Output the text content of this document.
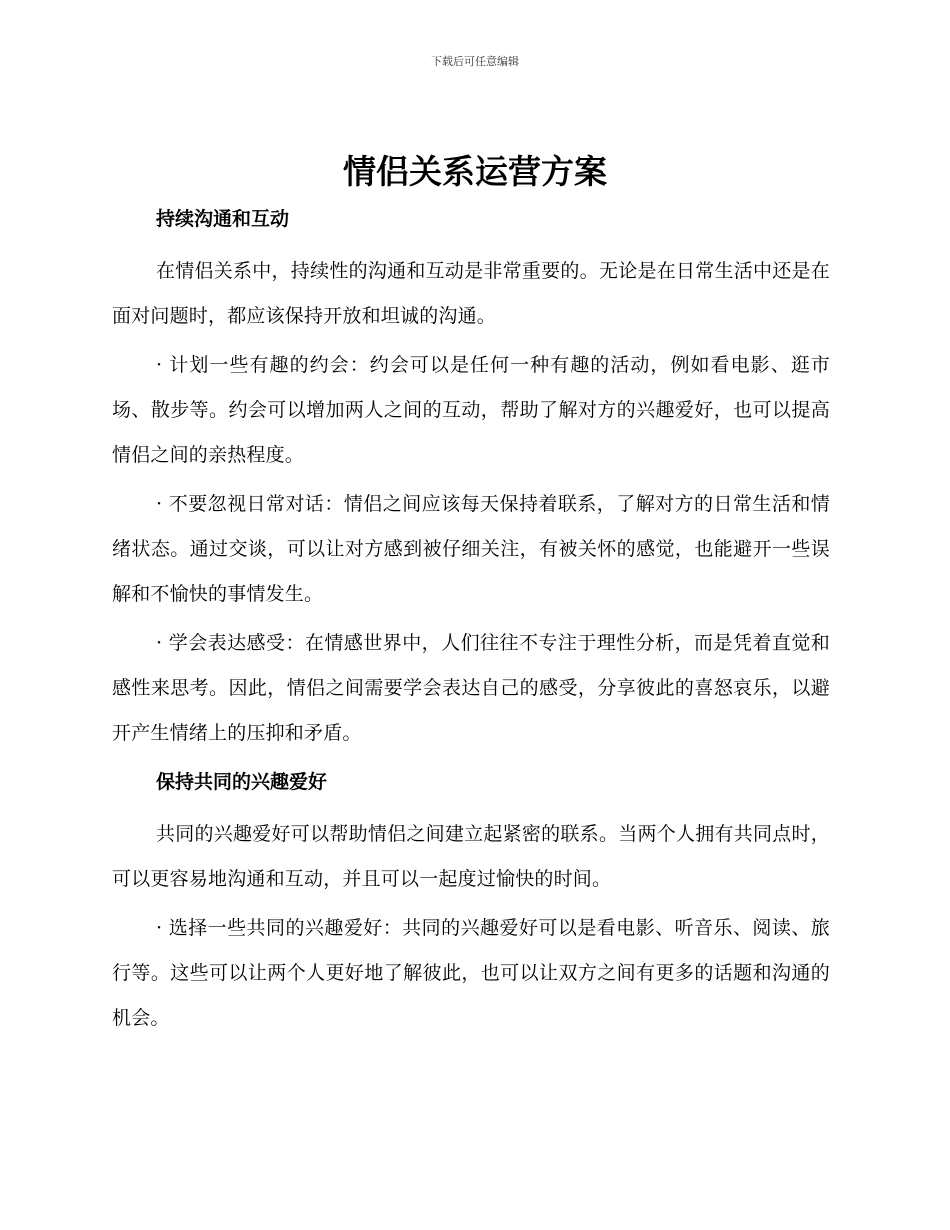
下载后可任意编辑
情侣关系运营方案
持续沟通和互动

在情侣关系中，持续性的沟通和互动是非常重要的。无论是在日常生活中还是在面对问题时，都应该保持开放和坦诚的沟通。

· 计划一些有趣的约会：约会可以是任何一种有趣的活动，例如看电影、逛市场、散步等。约会可以增加两人之间的互动，帮助了解对方的兴趣爱好，也可以提高情侣之间的亲热程度。

· 不要忽视日常对话：情侣之间应该每天保持着联系，了解对方的日常生活和情绪状态。通过交谈，可以让对方感到被仔细关注，有被关怀的感觉，也能避开一些误解和不愉快的事情发生。

· 学会表达感受：在情感世界中，人们往往不专注于理性分析，而是凭着直觉和感性来思考。因此，情侣之间需要学会表达自己的感受，分享彼此的喜怒哀乐，以避开产生情绪上的压抑和矛盾。

保持共同的兴趣爱好

共同的兴趣爱好可以帮助情侣之间建立起紧密的联系。当两个人拥有共同点时，可以更容易地沟通和互动，并且可以一起度过愉快的时间。

· 选择一些共同的兴趣爱好：共同的兴趣爱好可以是看电影、听音乐、阅读、旅行等。这些可以让两个人更好地了解彼此，也可以让双方之间有更多的话题和沟通的机会。
